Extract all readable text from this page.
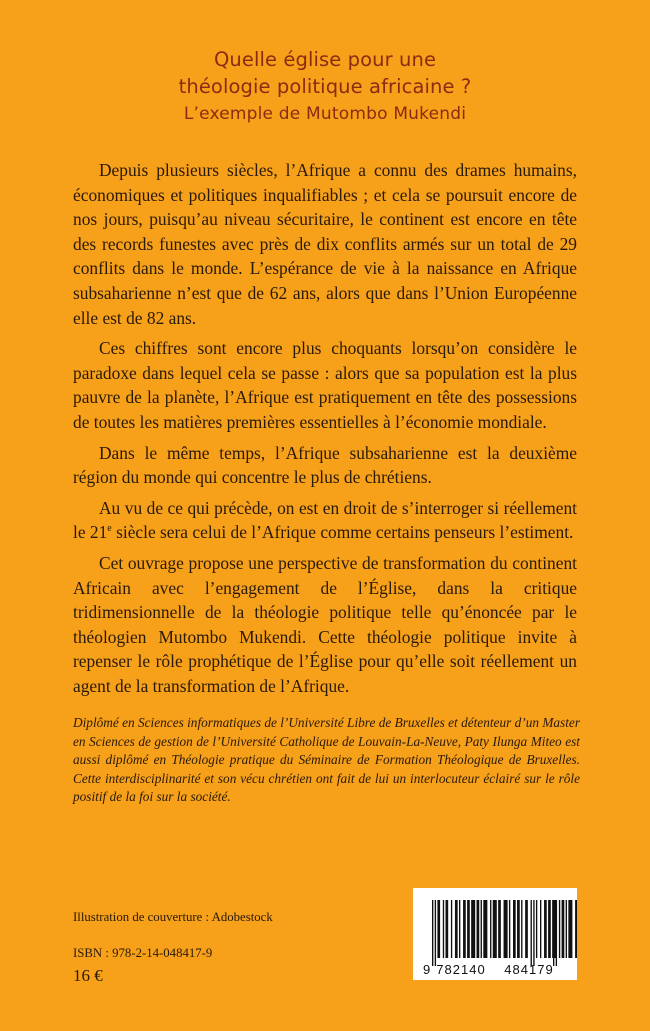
Quelle église pour une
théologie politique africaine ?
L’exemple de Mutombo Mukendi

Depuis plusieurs siècles, l’Afrique a connu des drames humains, économiques et politiques inqualifiables ; et cela se poursuit encore de nos jours, puisqu’au niveau sécuritaire, le continent est encore en tête des records funestes avec près de dix conflits armés sur un total de 29 conflits dans le monde. L’espérance de vie à la naissance en Afrique subsaharienne n’est que de 62 ans, alors que dans l’Union Européenne elle est de 82 ans.

Ces chiffres sont encore plus choquants lorsqu’on considère le paradoxe dans lequel cela se passe : alors que sa population est la plus pauvre de la planète, l’Afrique est pratiquement en tête des possessions de toutes les matières premières essentielles à l’économie mondiale.

Dans le même temps, l’Afrique subsaharienne est la deuxième région du monde qui concentre le plus de chrétiens.

Au vu de ce qui précède, on est en droit de s’interroger si réellement le 21e siècle sera celui de l’Afrique comme certains penseurs l’estiment.

Cet ouvrage propose une perspective de transformation du continent Africain avec l’engagement de l’Église, dans la critique tridimensionnelle de la théologie politique telle qu’énoncée par le théologien Mutombo Mukendi. Cette théologie politique invite à repenser le rôle prophétique de l’Église pour qu’elle soit réellement un agent de la transformation de l’Afrique.

Diplômé en Sciences informatiques de l’Université Libre de Bruxelles et détenteur d’un Master en Sciences de gestion de l’Université Catholique de Louvain-La-Neuve, Paty Ilunga Miteo est aussi diplômé en Théologie pratique du Séminaire de Formation Théologique de Bruxelles. Cette interdisciplinarité et son vécu chrétien ont fait de lui un interlocuteur éclairé sur le rôle positif de la foi sur la société.

Illustration de couverture : Adobestock
ISBN : 978-2-14-048417-9
16 €	9 782140 484179
